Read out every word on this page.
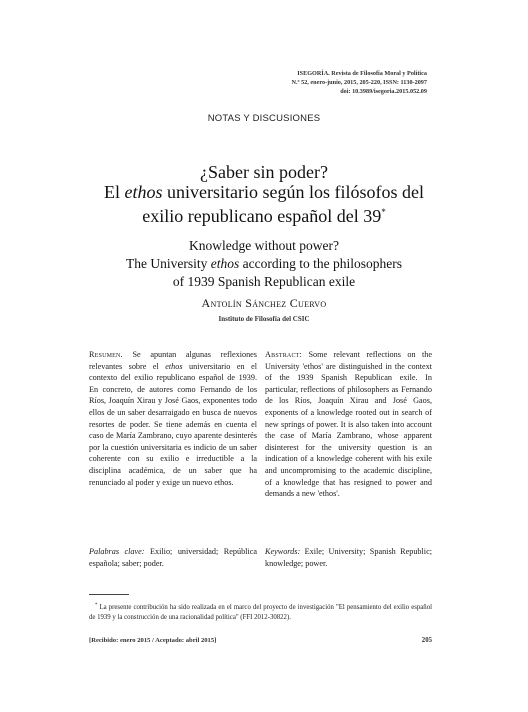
ISEGORÍA. Revista de Filosofía Moral y Política
N.º 52, enero-junio, 2015, 205-220, ISSN: 1130-2097
doi: 10.3989/isegoria.2015.052.09
NOTAS Y DISCUSIONES
¿Saber sin poder?
El ethos universitario según los filósofos del
exilio republicano español del 39*
Knowledge without power?
The University ethos according to the philosophers
of 1939 Spanish Republican exile
Antolín Sánchez Cuervo
Instituto de Filosofía del CSIC
Resumen. Se apuntan algunas reflexiones relevantes sobre el ethos universitario en el contexto del exilio republicano español de 1939. En concreto, de autores como Fernando de los Ríos, Joaquín Xirau y José Gaos, exponentes todo ellos de un saber desarraigado en busca de nuevos resortes de poder. Se tiene además en cuenta el caso de María Zambrano, cuyo aparente desinterés por la cuestión universitaria es indicio de un saber coherente con su exilio e irreductible a la disciplina académica, de un saber que ha renunciado al poder y exige un nuevo ethos.
Abstract: Some relevant reflections on the University 'ethos' are distinguished in the context of the 1939 Spanish Republican exile. In particular, reflections of philosophers as Fernando de los Ríos, Joaquín Xirau and José Gaos, exponents of a knowledge rooted out in search of new springs of power. It is also taken into account the case of María Zambrano, whose apparent disinterest for the university question is an indication of a knowledge coherent with his exile and uncompromising to the academic discipline, of a knowledge that has resigned to power and demands a new 'ethos'.
Palabras clave: Exilio; universidad; República española; saber; poder.
Keywords: Exile; University; Spanish Republic; knowledge; power.
* La presente contribución ha sido realizada en el marco del proyecto de investigación "El pensamiento del exilio español de 1939 y la construcción de una racionalidad política" (FFI 2012-30822).
[Recibido: enero 2015 / Aceptado: abril 2015]	205
